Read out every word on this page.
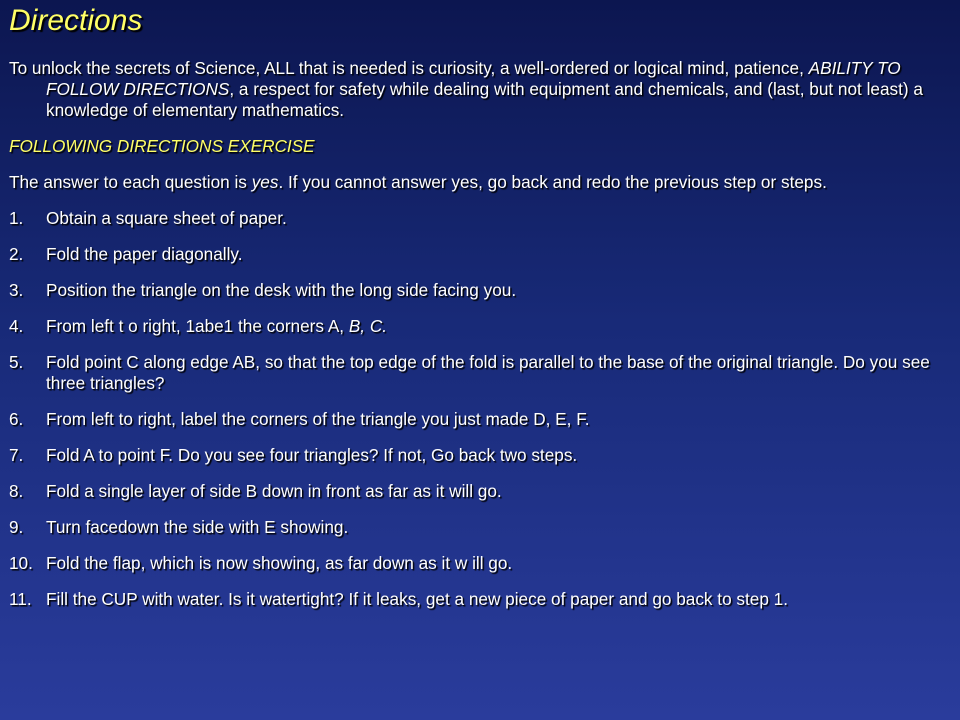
Directions

To unlock the secrets of Science, ALL that is needed is curiosity, a well-ordered or logical mind, patience, ABILITY TO FOLLOW DIRECTIONS, a respect for safety while dealing with equipment and chemicals, and (last, but not least) a knowledge of elementary mathematics.

FOLLOWING DIRECTIONS EXERCISE

The answer to each question is yes. If you cannot answer yes, go back and redo the previous step or steps.

1. Obtain a square sheet of paper.
2. Fold the paper diagonally.
3. Position the triangle on the desk with the long side facing you.
4. From left t o right, 1abe1 the corners A, B, C.
5. Fold point C along edge AB, so that the top edge of the fold is parallel to the base of the original triangle. Do you see three triangles?
6. From left to right, label the corners of the triangle you just made D, E, F.
7. Fold A to point F. Do you see four triangles? If not, Go back two steps.
8. Fold a single layer of side B down in front as far as it will go.
9. Turn facedown the side with E showing.
10. Fold the flap, which is now showing, as far down as it w ill go.
11. Fill the CUP with water. Is it watertight? If it leaks, get a new piece of paper and go back to step 1.
